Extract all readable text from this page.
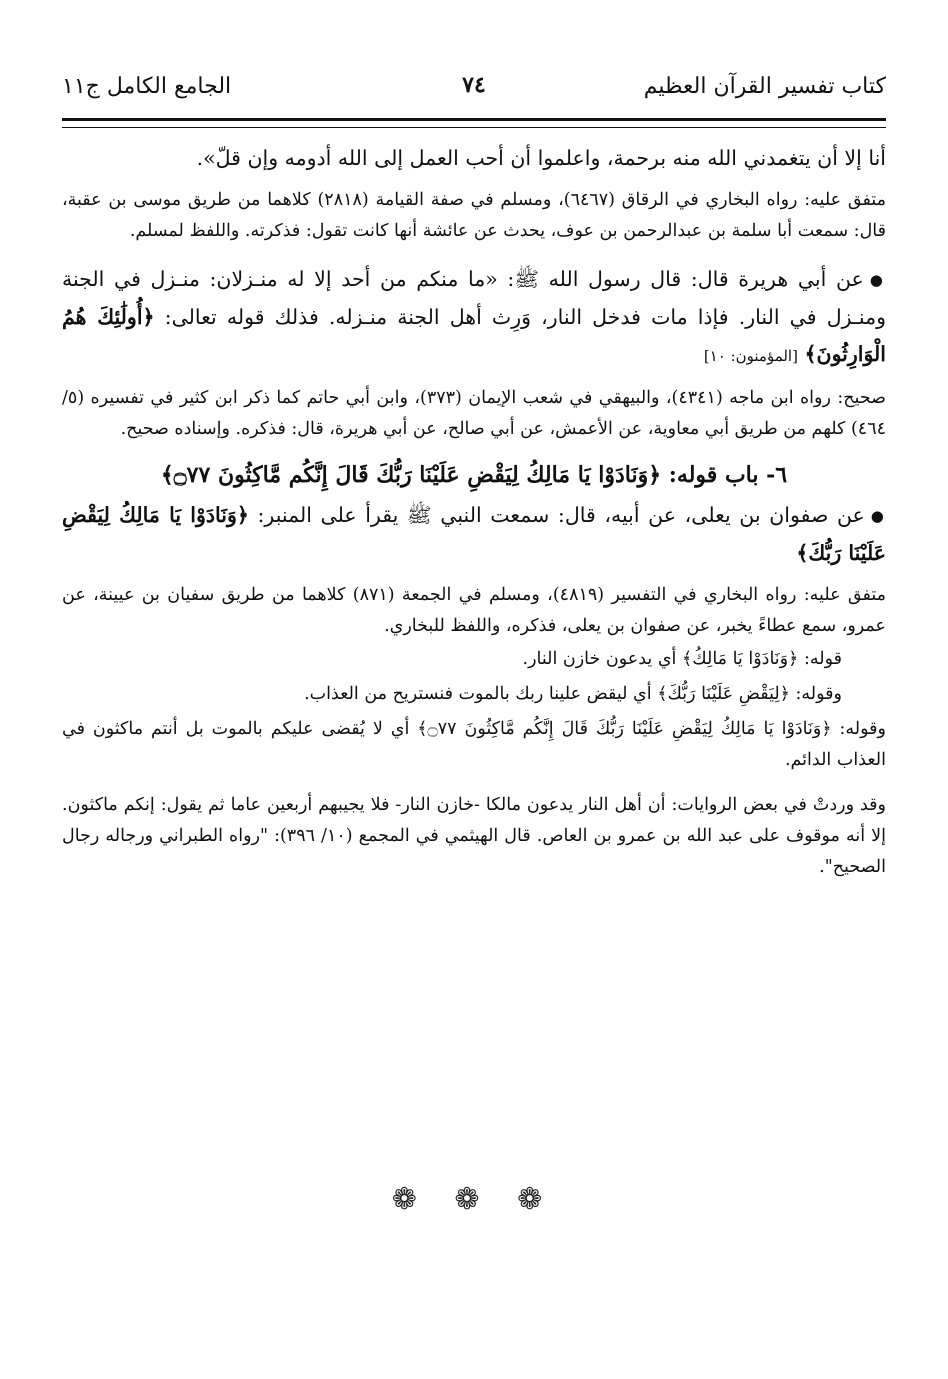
كتاب تفسير القرآن العظيم
٧٤
الجامع الكامل ج١١

أنا إلا أن يتغمدني الله منه برحمة، واعلموا أن أحب العمل إلى الله أدومه وإن قلّ».

متفق عليه: رواه البخاري في الرقاق (٦٤٦٧)، ومسلم في صفة القيامة (٢٨١٨) كلاهما من طريق موسى بن عقبة، قال: سمعت أبا سلمة بن عبدالرحمن بن عوف، يحدث عن عائشة أنها كانت تقول: فذكرته. واللفظ لمسلم.

●عن أبي هريرة قال: قال رسول الله ﷺ: «ما منكم من أحد إلا له منـزلان: منـزل في الجنة ومنـزل في النار. فإذا مات فدخل النار، وَرِث أهل الجنة منـزله. فذلك قوله تعالى: ﴿أُولَٰئِكَ هُمُ الْوَارِثُونَ﴾ [المؤمنون: ١٠]

صحيح: رواه ابن ماجه (٤٣٤١)، والبيهقي في شعب الإيمان (٣٧٣)، وابن أبي حاتم كما ذكر ابن كثير في تفسيره (٥/ ٤٦٤) كلهم من طريق أبي معاوية، عن الأعمش، عن أبي صالح، عن أبي هريرة، قال: فذكره. وإسناده صحيح.

٦- باب قوله: ﴿وَنَادَوْا يَا مَالِكُ لِيَقْضِ عَلَيْنَا رَبُّكَ قَالَ إِنَّكُم مَّاكِثُونَ ۝٧٧﴾

●عن صفوان بن يعلى، عن أبيه، قال: سمعت النبي ﷺ يقرأ على المنبر: ﴿وَنَادَوْا يَا مَالِكُ لِيَقْضِ عَلَيْنَا رَبُّكَ﴾

متفق عليه: رواه البخاري في التفسير (٤٨١٩)، ومسلم في الجمعة (٨٧١) كلاهما من طريق سفيان بن عيينة، عن عمرو، سمع عطاءً يخبر، عن صفوان بن يعلى، فذكره، واللفظ للبخاري.

قوله: ﴿وَنَادَوْا يَا مَالِكُ﴾ أي يدعون خازن النار.

وقوله: ﴿لِيَقْضِ عَلَيْنَا رَبُّكَ﴾ أي ليقض علينا ربك بالموت فنستريح من العذاب.

وقوله: ﴿وَنَادَوْا يَا مَالِكُ لِيَقْضِ عَلَيْنَا رَبُّكَ قَالَ إِنَّكُم مَّاكِثُونَ ۝٧٧﴾ أي لا يُقضى عليكم بالموت بل أنتم ماكثون في العذاب الدائم.

وقد وردتْ في بعض الروايات: أن أهل النار يدعون مالكا -خازن النار- فلا يجيبهم أربعين عاما ثم يقول: إنكم ماكثون. إلا أنه موقوف على عبد الله بن عمرو بن العاص. قال الهيثمي في المجمع (١٠/ ٣٩٦): "رواه الطبراني ورجاله رجال الصحيح".

❁ ❁ ❁
